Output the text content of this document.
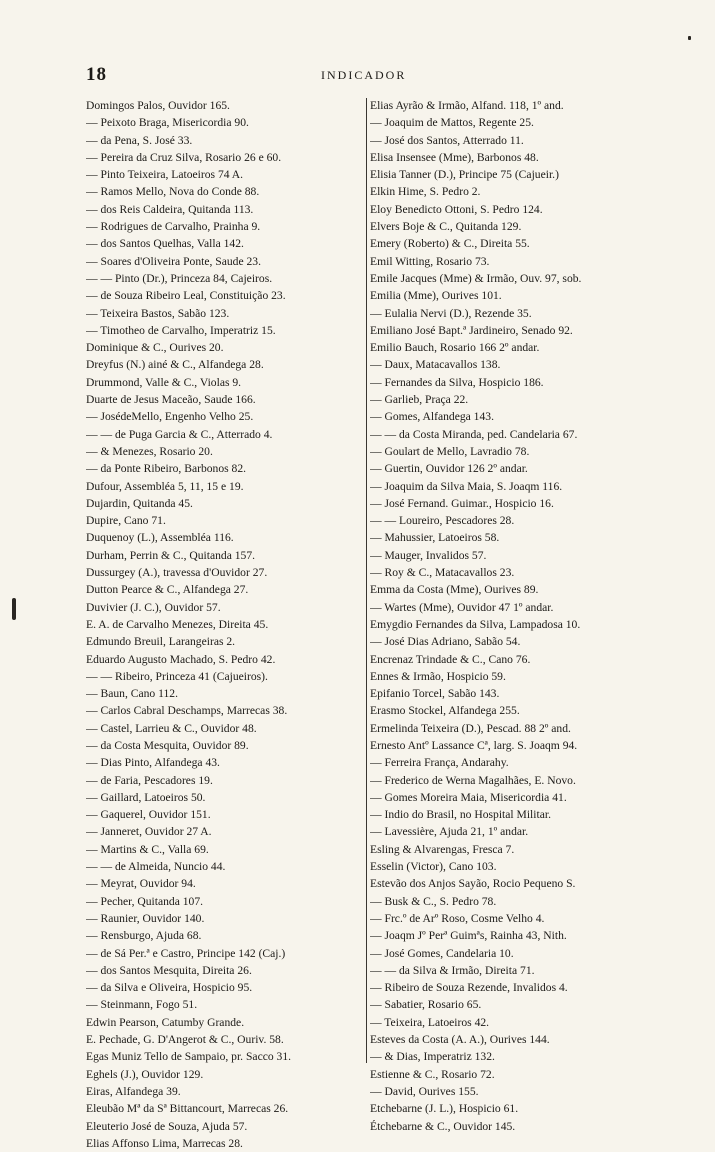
18	INDICADOR
Domingos Palos, Ouvidor 165.
— Peixoto Braga, Misericordia 90.
— da Pena, S. José 33.
— Pereira da Cruz Silva, Rosario 26 e 60.
— Pinto Teixeira, Latoeiros 74 A.
— Ramos Mello, Nova do Conde 88.
— dos Reis Caldeira, Quitanda 113.
— Rodrigues de Carvalho, Prainha 9.
— dos Santos Quelhas, Valla 142.
— Soares d'Oliveira Ponte, Saude 23.
— — Pinto (Dr.), Princeza 84, Cajeiros.
— de Souza Ribeiro Leal, Constituição 23.
— Teixeira Bastos, Sabão 123.
— Timotheo de Carvalho, Imperatriz 15.
Dominique & C., Ourives 20.
Dreyfus (N.) ainé & C., Alfandega 28.
Drummond, Valle & C., Violas 9.
Duarte de Jesus Maceão, Saude 166.
— JosédeMello, Engenho Velho 25.
— — de Puga Garcia & C., Atterrado 4.
— & Menezes, Rosario 20.
— da Ponte Ribeiro, Barbonos 82.
Dufour, Assembléa 5, 11, 15 e 19.
Dujardin, Quitanda 45.
Dupire, Cano 71.
Duquenoy (L.), Assembléa 116.
Durham, Perrin & C., Quitanda 157.
Dussurgey (A.), travessa d'Ouvidor 27.
Dutton Pearce & C., Alfandega 27.
Duvivier (J. C.), Ouvidor 57.
E. A. de Carvalho Menezes, Direita 45.
Edmundo Breuil, Larangeiras 2.
Eduardo Augusto Machado, S. Pedro 42.
— — Ribeiro, Princeza 41 (Cajueiros).
— Baun, Cano 112.
— Carlos Cabral Deschamps, Marrecas 38.
— Castel, Larrieu & C., Ouvidor 48.
— da Costa Mesquita, Ouvidor 89.
— Dias Pinto, Alfandega 43.
— de Faria, Pescadores 19.
— Gaillard, Latoeiros 50.
— Gaquerel, Ouvidor 151.
— Janneret, Ouvidor 27 A.
— Martins & C., Valla 69.
— — de Almeida, Nuncio 44.
— Meyrat, Ouvidor 94.
— Pecher, Quitanda 107.
— Raunier, Ouvidor 140.
— Rensburgo, Ajuda 68.
— de Sá Per.ª e Castro, Principe 142 (Caj.)
— dos Santos Mesquita, Direita 26.
— da Silva e Oliveira, Hospicio 95.
— Steinmann, Fogo 51.
Edwin Pearson, Catumby Grande.
E. Pechade, G. D'Angerot & C., Ouriv. 58.
Egas Muniz Tello de Sampaio, pr. Sacco 31.
Eghels (J.), Ouvidor 129.
Eiras, Alfandega 39.
Eleubão Mª da Sª Bittancourt, Marrecas 26.
Eleuterio José de Souza, Ajuda 57.
Elias Affonso Lima, Marrecas 28.
Elias Ayrão & Irmão, Alfand. 118, 1º and.
— Joaquim de Mattos, Regente 25.
— José dos Santos, Atterrado 11.
Elisa Insensee (Mme), Barbonos 48.
Elisia Tanner (D.), Principe 75 (Cajueir.)
Elkin Hime, S. Pedro 2.
Eloy Benedicto Ottoni, S. Pedro 124.
Elvers Boje & C., Quitanda 129.
Emery (Roberto) & C., Direita 55.
Emil Witting, Rosario 73.
Emile Jacques (Mme) & Irmão, Ouv. 97, sob.
Emilia (Mme), Ourives 101.
— Eulalia Nervi (D.), Rezende 35.
Emiliano José Bapt.ª Jardineiro, Senado 92.
Emilio Bauch, Rosario 166 2º andar.
— Daux, Matacavallos 138.
— Fernandes da Silva, Hospicio 186.
— Garlieb, Praça 22.
— Gomes, Alfandega 143.
— — da Costa Miranda, ped. Candelaria 67.
— Goulart de Mello, Lavradio 78.
— Guertin, Ouvidor 126 2º andar.
— Joaquim da Silva Maia, S. Joaqm 116.
— José Fernand. Guimar., Hospicio 16.
— — Loureiro, Pescadores 28.
— Mahussier, Latoeiros 58.
— Mauger, Invalidos 57.
— Roy & C., Matacavallos 23.
Emma da Costa (Mme), Ourives 89.
— Wartes (Mme), Ouvidor 47 1º andar.
Emygdio Fernandes da Silva, Lampadosa 10.
— José Dias Adriano, Sabão 54.
Encrenaz Trindade & C., Cano 76.
Ennes & Irmão, Hospicio 59.
Epifanio Torcel, Sabão 143.
Erasmo Stockel, Alfandega 255.
Ermelinda Teixeira (D.), Pescad. 88 2º and.
Ernesto Antº Lassance Cª, larg. S. Joaqm 94.
— Ferreira França, Andarahy.
— Frederico de Werna Magalhães, E. Novo.
— Gomes Moreira Maia, Misericordia 41.
— Indio do Brasil, no Hospital Militar.
— Lavessière, Ajuda 21, 1º andar.
Esling & Alvarengas, Fresca 7.
Esselin (Victor), Cano 103.
Estevão dos Anjos Sayão, Rocio Pequeno S.
— Busk & C., S. Pedro 78.
— Frc.º de Arº Roso, Cosme Velho 4.
— Joaqm Jº Perª Guimªs, Rainha 43, Nith.
— José Gomes, Candelaria 10.
— — da Silva & Irmão, Direita 71.
— Ribeiro de Souza Rezende, Invalidos 4.
— Sabatier, Rosario 65.
— Teixeira, Latoeiros 42.
Esteves da Costa (A. A.), Ourives 144.
— & Dias, Imperatriz 132.
Estienne & C., Rosario 72.
— David, Ourives 155.
Etchebarne (J. L.), Hospicio 61.
Étchebarne & C., Ouvidor 145.
